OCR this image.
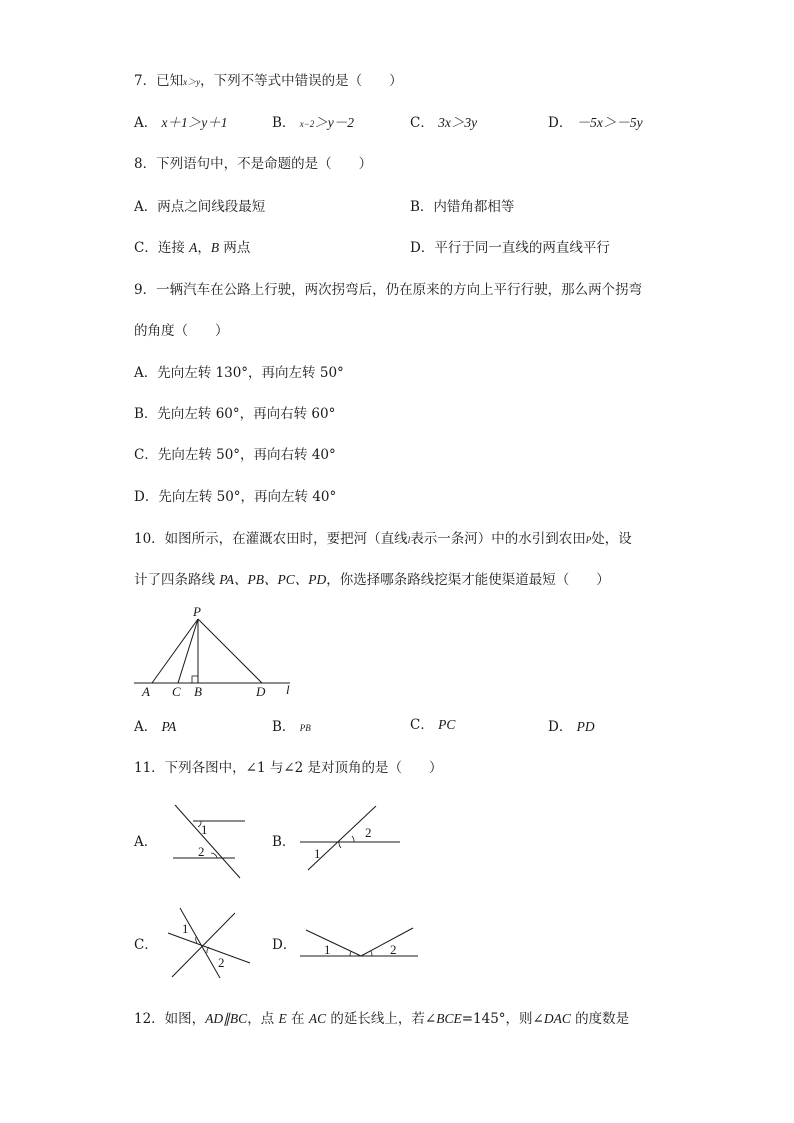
7．已知x＞y，下列不等式中错误的是（　　）
A． x＋1＞y＋1	B． x−2＞y－2	C． 3x＞3y	D． －5x＞－5y
8．下列语句中，不是命题的是（　　）
A．两点之间线段最短	B．内错角都相等
C．连接 A，B 两点	D．平行于同一直线的两直线平行
9．一辆汽车在公路上行驶，两次拐弯后，仍在原来的方向上平行行驶，那么两个拐弯
的角度（　　）
A．先向左转 130°，再向左转 50°
B．先向左转 60°，再向右转 60°
C．先向左转 50°，再向右转 40°
D．先向左转 50°，再向左转 40°
10．如图所示，在灌溉农田时，要把河（直线l表示一条河）中的水引到农田P处，设
计了四条路线 PA、PB、PC、PD，你选择哪条路线挖渠才能使渠道最短（　　）
P
A C B	D l
A． PA	B． PB	C． PC	D． PD
11．下列各图中，∠1 与∠2 是对顶角的是（　　）
A．
1
2
B．
1
2
C．
1
2
D． 1	2
12．如图，AD∥BC，点 E 在 AC 的延长线上，若∠BCE=145°，则∠DAC 的度数是
